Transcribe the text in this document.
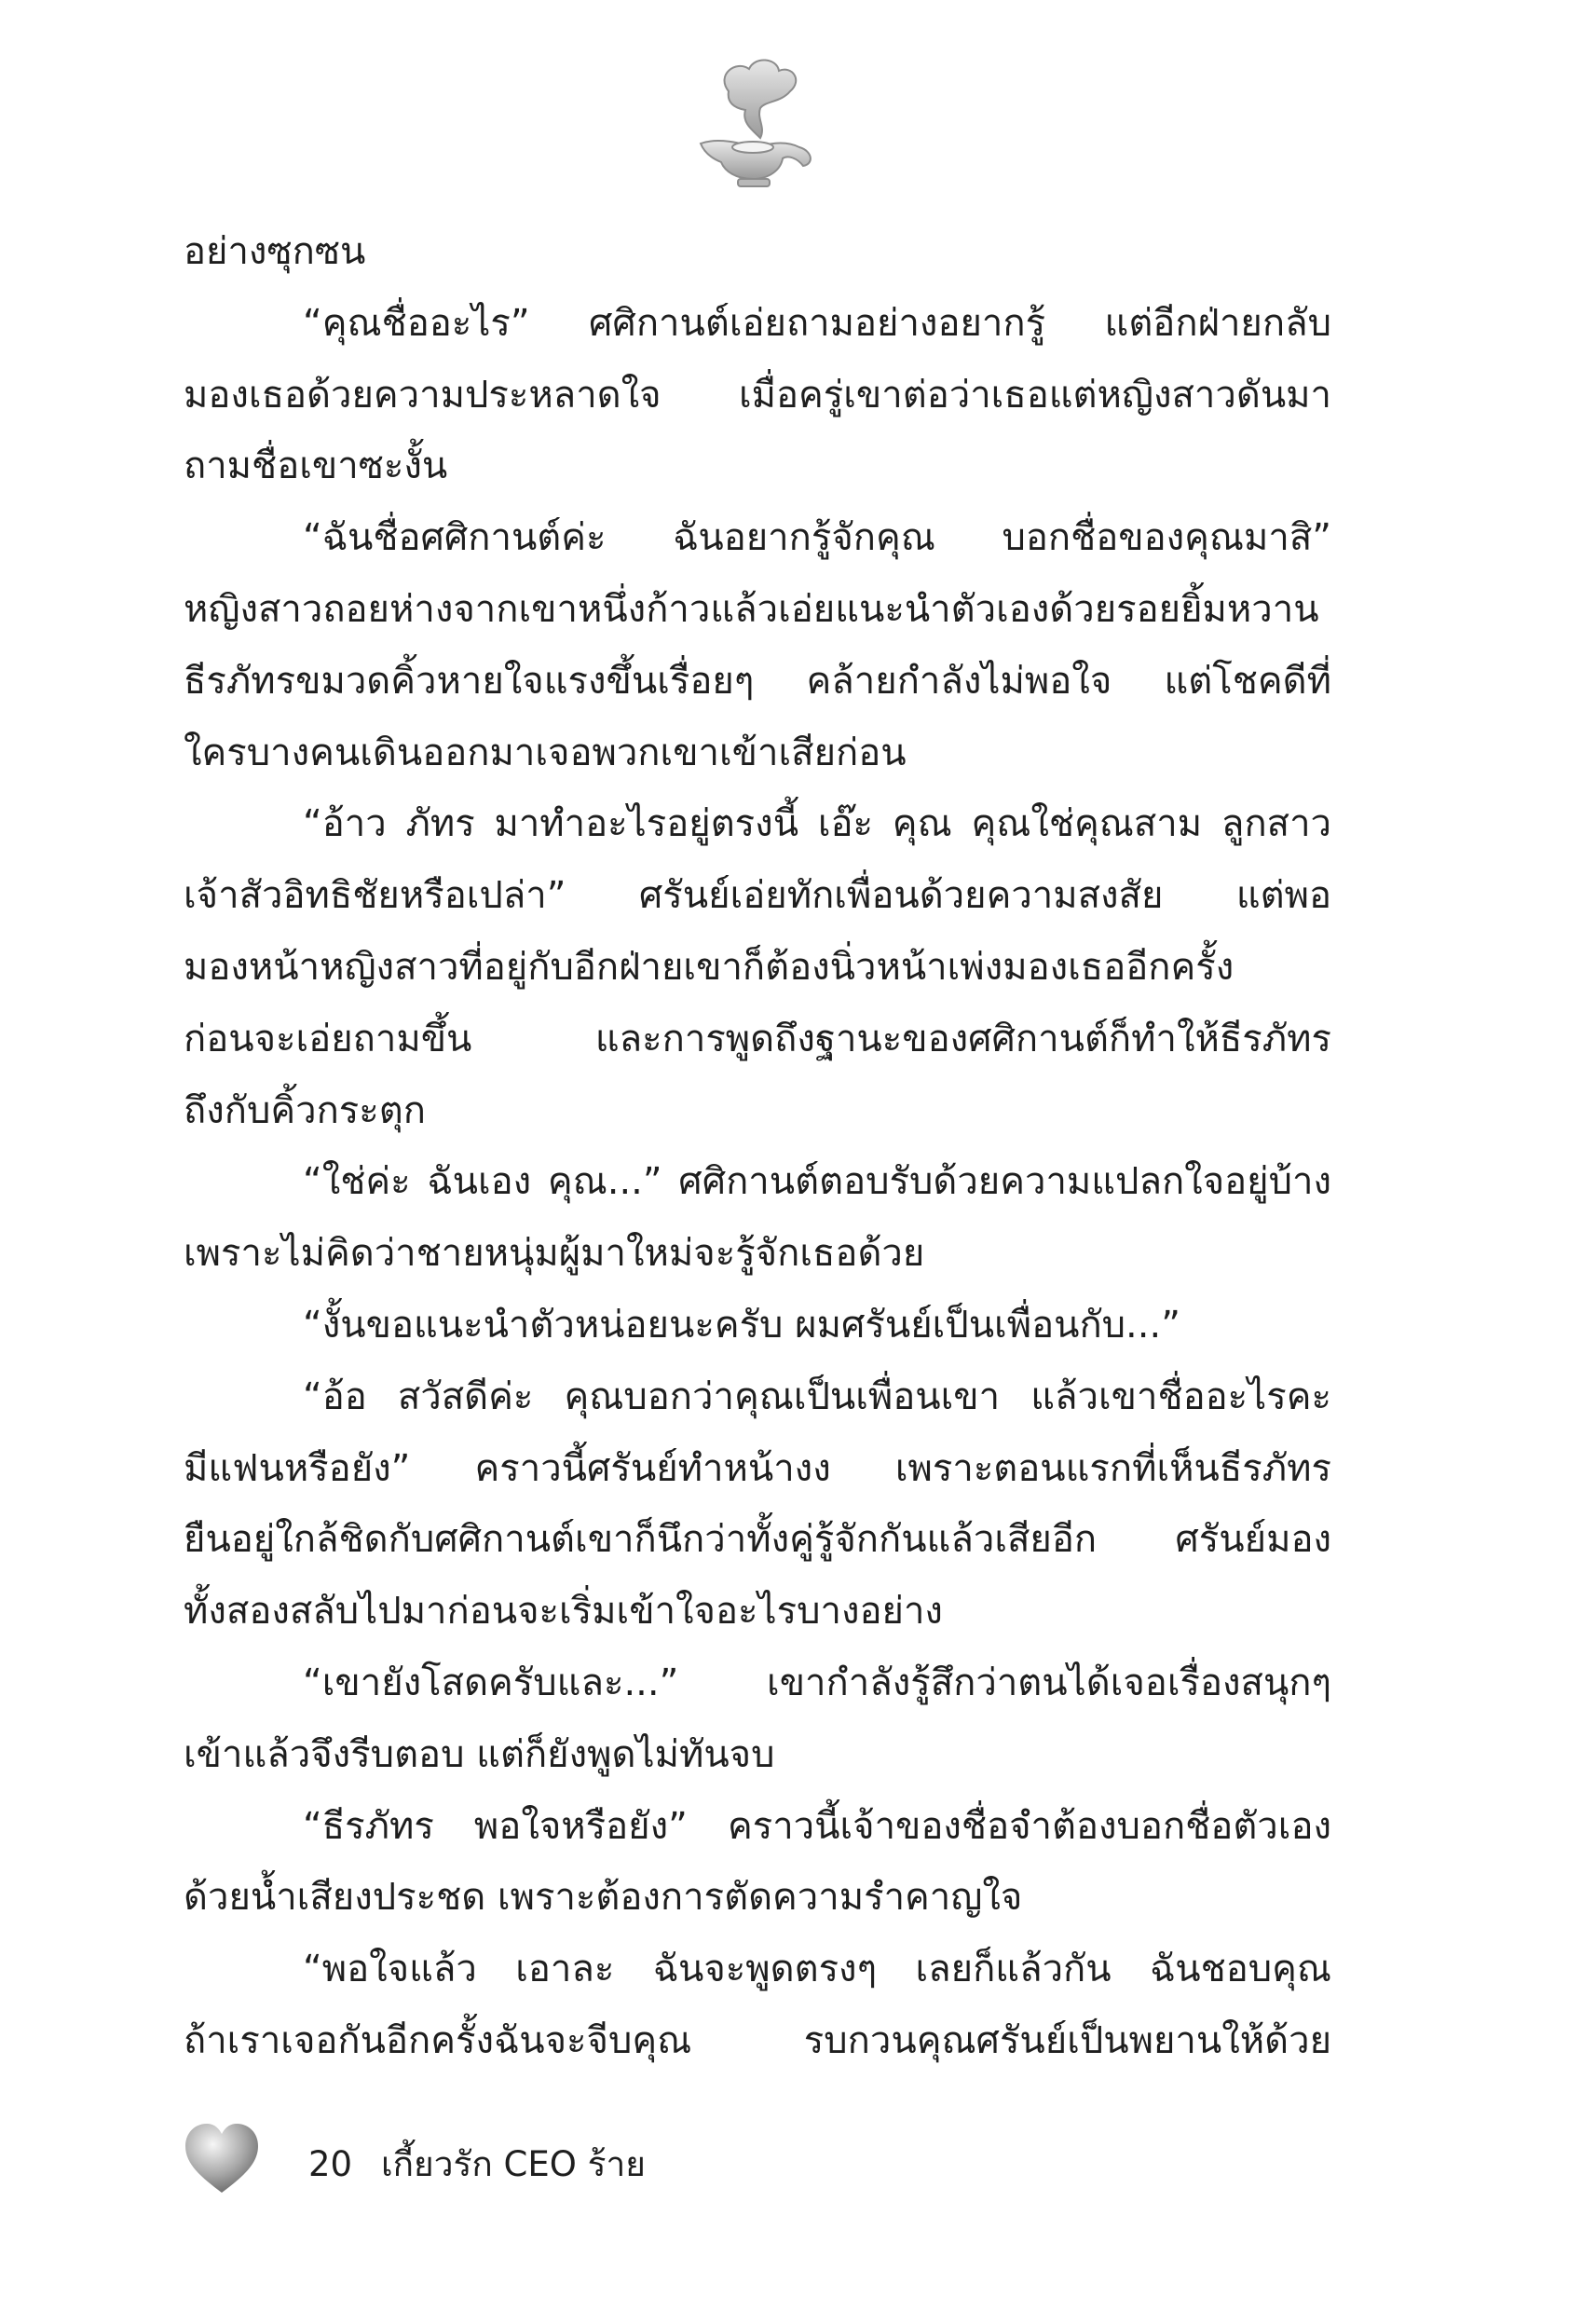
อย่างซุกซน
“คุณชื่ออะไร” ศศิกานต์เอ่ยถามอย่างอยากรู้ แต่อีกฝ่ายกลับ
มองเธอด้วยความประหลาดใจ เมื่อครู่เขาต่อว่าเธอแต่หญิงสาวดันมา
ถามชื่อเขาซะงั้น
“ฉันชื่อศศิกานต์ค่ะ ฉันอยากรู้จักคุณ บอกชื่อของคุณมาสิ”
หญิงสาวถอยห่างจากเขาหนึ่งก้าวแล้วเอ่ยแนะนำตัวเองด้วยรอยยิ้มหวาน
ธีรภัทรขมวดคิ้วหายใจแรงขึ้นเรื่อยๆ คล้ายกำลังไม่พอใจ แต่โชคดีที่
ใครบางคนเดินออกมาเจอพวกเขาเข้าเสียก่อน
“อ้าว ภัทร มาทำอะไรอยู่ตรงนี้ เอ๊ะ คุณ คุณใช่คุณสาม ลูกสาว
เจ้าสัวอิทธิชัยหรือเปล่า” ศรันย์เอ่ยทักเพื่อนด้วยความสงสัย แต่พอ
มองหน้าหญิงสาวที่อยู่กับอีกฝ่ายเขาก็ต้องนิ่วหน้าเพ่งมองเธออีกครั้ง
ก่อนจะเอ่ยถามขึ้น และการพูดถึงฐานะของศศิกานต์ก็ทำให้ธีรภัทร
ถึงกับคิ้วกระตุก
“ใช่ค่ะ ฉันเอง คุณ...” ศศิกานต์ตอบรับด้วยความแปลกใจอยู่บ้าง
เพราะไม่คิดว่าชายหนุ่มผู้มาใหม่จะรู้จักเธอด้วย
“งั้นขอแนะนำตัวหน่อยนะครับ ผมศรันย์เป็นเพื่อนกับ...”
“อ้อ สวัสดีค่ะ คุณบอกว่าคุณเป็นเพื่อนเขา แล้วเขาชื่ออะไรคะ
มีแฟนหรือยัง” คราวนี้ศรันย์ทำหน้างง เพราะตอนแรกที่เห็นธีรภัทร
ยืนอยู่ใกล้ชิดกับศศิกานต์เขาก็นึกว่าทั้งคู่รู้จักกันแล้วเสียอีก ศรันย์มอง
ทั้งสองสลับไปมาก่อนจะเริ่มเข้าใจอะไรบางอย่าง
“เขายังโสดครับและ...” เขากำลังรู้สึกว่าตนได้เจอเรื่องสนุกๆ
เข้าแล้วจึงรีบตอบ แต่ก็ยังพูดไม่ทันจบ
“ธีรภัทร พอใจหรือยัง” คราวนี้เจ้าของชื่อจำต้องบอกชื่อตัวเอง
ด้วยน้ำเสียงประชด เพราะต้องการตัดความรำคาญใจ
“พอใจแล้ว เอาละ ฉันจะพูดตรงๆ เลยก็แล้วกัน ฉันชอบคุณ
ถ้าเราเจอกันอีกครั้งฉันจะจีบคุณ รบกวนคุณศรันย์เป็นพยานให้ด้วย
20 เกี้ยวรัก CEO ร้าย
